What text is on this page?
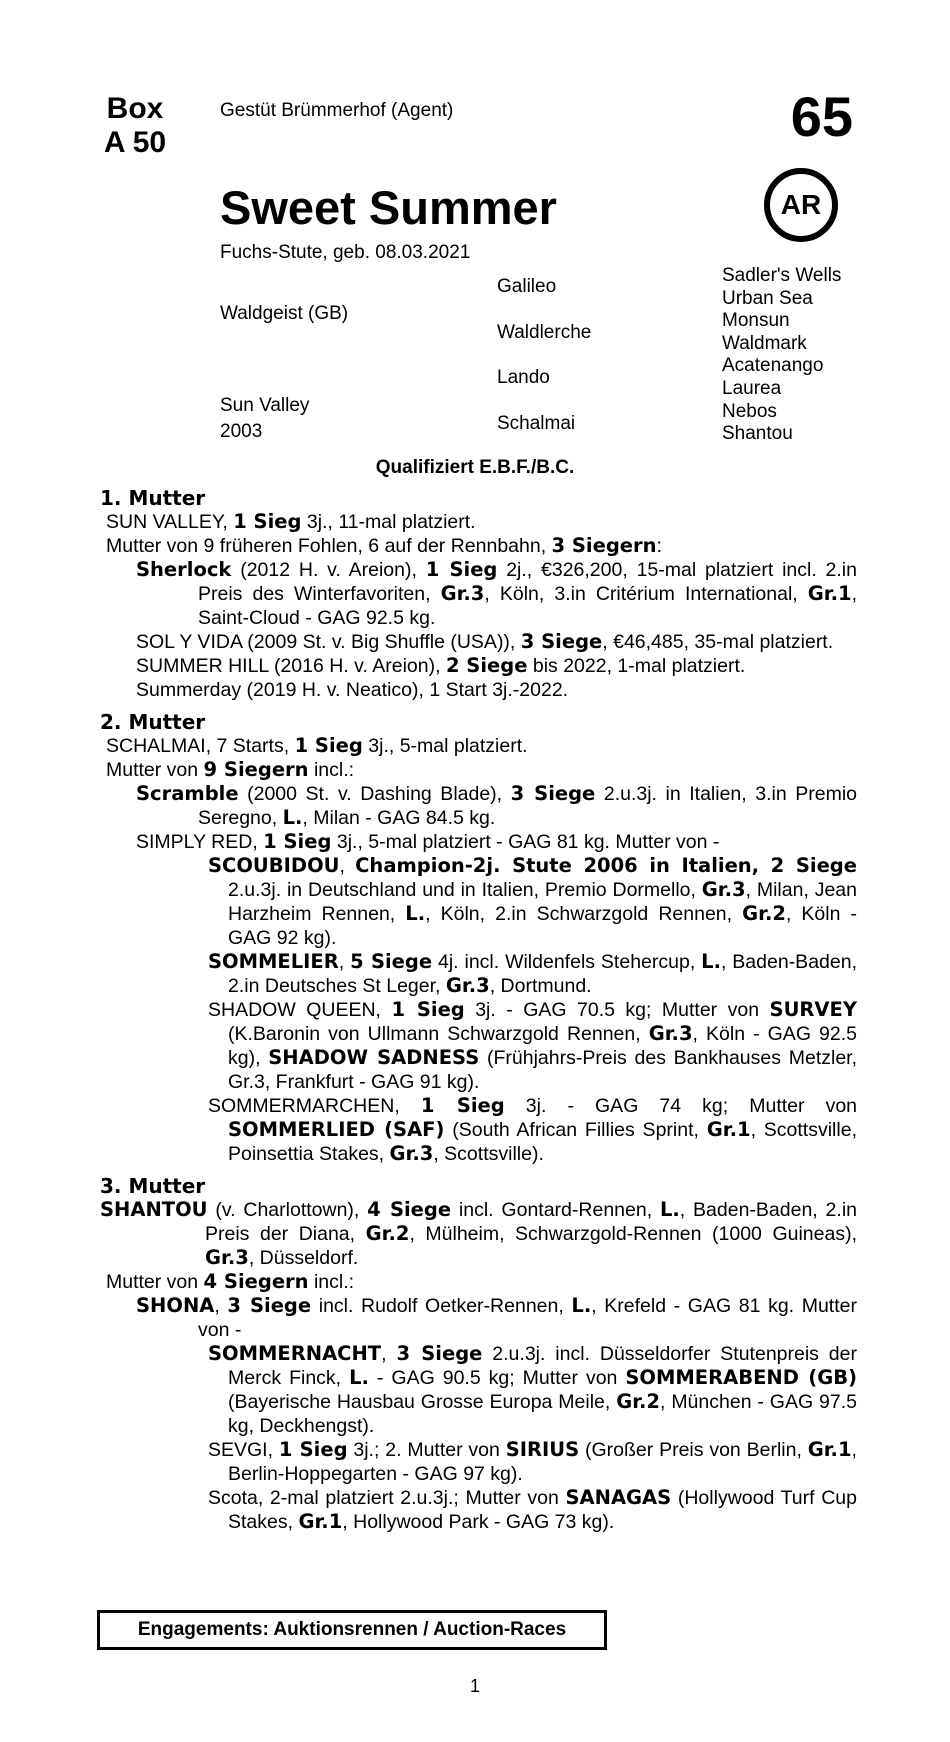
Box A 50
Gestüt Brümmerhof (Agent)	65
AR
Sweet Summer
Fuchs-Stute, geb. 08.03.2021
Waldgeist (GB)
Sun Valley
2003
Galileo
Waldlerche
Lando
Schalmai
Sadler's Wells
Urban Sea
Monsun
Waldmark
Acatenango
Laurea
Nebos
Shantou
Qualifiziert E.B.F./B.C.
1. Mutter
SUN VALLEY, 1 Sieg 3j., 11-mal platziert.
Mutter von 9 früheren Fohlen, 6 auf der Rennbahn, 3 Siegern:
Sherlock (2012 H. v. Areion), 1 Sieg 2j., €326,200, 15-mal platziert incl. 2.in Preis des Winterfavoriten, Gr.3, Köln, 3.in Critérium International, Gr.1, Saint-Cloud - GAG 92.5 kg.
SOL Y VIDA (2009 St. v. Big Shuffle (USA)), 3 Siege, €46,485, 35-mal platziert.
SUMMER HILL (2016 H. v. Areion), 2 Siege bis 2022, 1-mal platziert.
Summerday (2019 H. v. Neatico), 1 Start 3j.-2022.
2. Mutter
SCHALMAI, 7 Starts, 1 Sieg 3j., 5-mal platziert.
Mutter von 9 Siegern incl.:
Scramble (2000 St. v. Dashing Blade), 3 Siege 2.u.3j. in Italien, 3.in Premio Seregno, L., Milan - GAG 84.5 kg.
SIMPLY RED, 1 Sieg 3j., 5-mal platziert - GAG 81 kg. Mutter von -
SCOUBIDOU, Champion-2j. Stute 2006 in Italien, 2 Siege 2.u.3j. in Deutschland und in Italien, Premio Dormello, Gr.3, Milan, Jean Harzheim Rennen, L., Köln, 2.in Schwarzgold Rennen, Gr.2, Köln - GAG 92 kg).
SOMMELIER, 5 Siege 4j. incl. Wildenfels Stehercup, L., Baden-Baden, 2.in Deutsches St Leger, Gr.3, Dortmund.
SHADOW QUEEN, 1 Sieg 3j. - GAG 70.5 kg; Mutter von SURVEY (K.Baronin von Ullmann Schwarzgold Rennen, Gr.3, Köln - GAG 92.5 kg), SHADOW SADNESS (Frühjahrs-Preis des Bankhauses Metzler, Gr.3, Frankfurt - GAG 91 kg).
SOMMERMARCHEN, 1 Sieg 3j. - GAG 74 kg; Mutter von SOMMERLIED (SAF) (South African Fillies Sprint, Gr.1, Scottsville, Poinsettia Stakes, Gr.3, Scottsville).
3. Mutter
SHANTOU (v. Charlottown), 4 Siege incl. Gontard-Rennen, L., Baden-Baden, 2.in Preis der Diana, Gr.2, Mülheim, Schwarzgold-Rennen (1000 Guineas), Gr.3, Düsseldorf.
Mutter von 4 Siegern incl.:
SHONA, 3 Siege incl. Rudolf Oetker-Rennen, L., Krefeld - GAG 81 kg. Mutter von -
SOMMERNACHT, 3 Siege 2.u.3j. incl. Düsseldorfer Stutenpreis der Merck Finck, L. - GAG 90.5 kg; Mutter von SOMMERABEND (GB) (Bayerische Hausbau Grosse Europa Meile, Gr.2, München - GAG 97.5 kg, Deckhengst).
SEVGI, 1 Sieg 3j.; 2. Mutter von SIRIUS (Großer Preis von Berlin, Gr.1, Berlin-Hoppegarten - GAG 97 kg).
Scota, 2-mal platziert 2.u.3j.; Mutter von SANAGAS (Hollywood Turf Cup Stakes, Gr.1, Hollywood Park - GAG 73 kg).
Engagements: Auktionsrennen / Auction-Races
1
